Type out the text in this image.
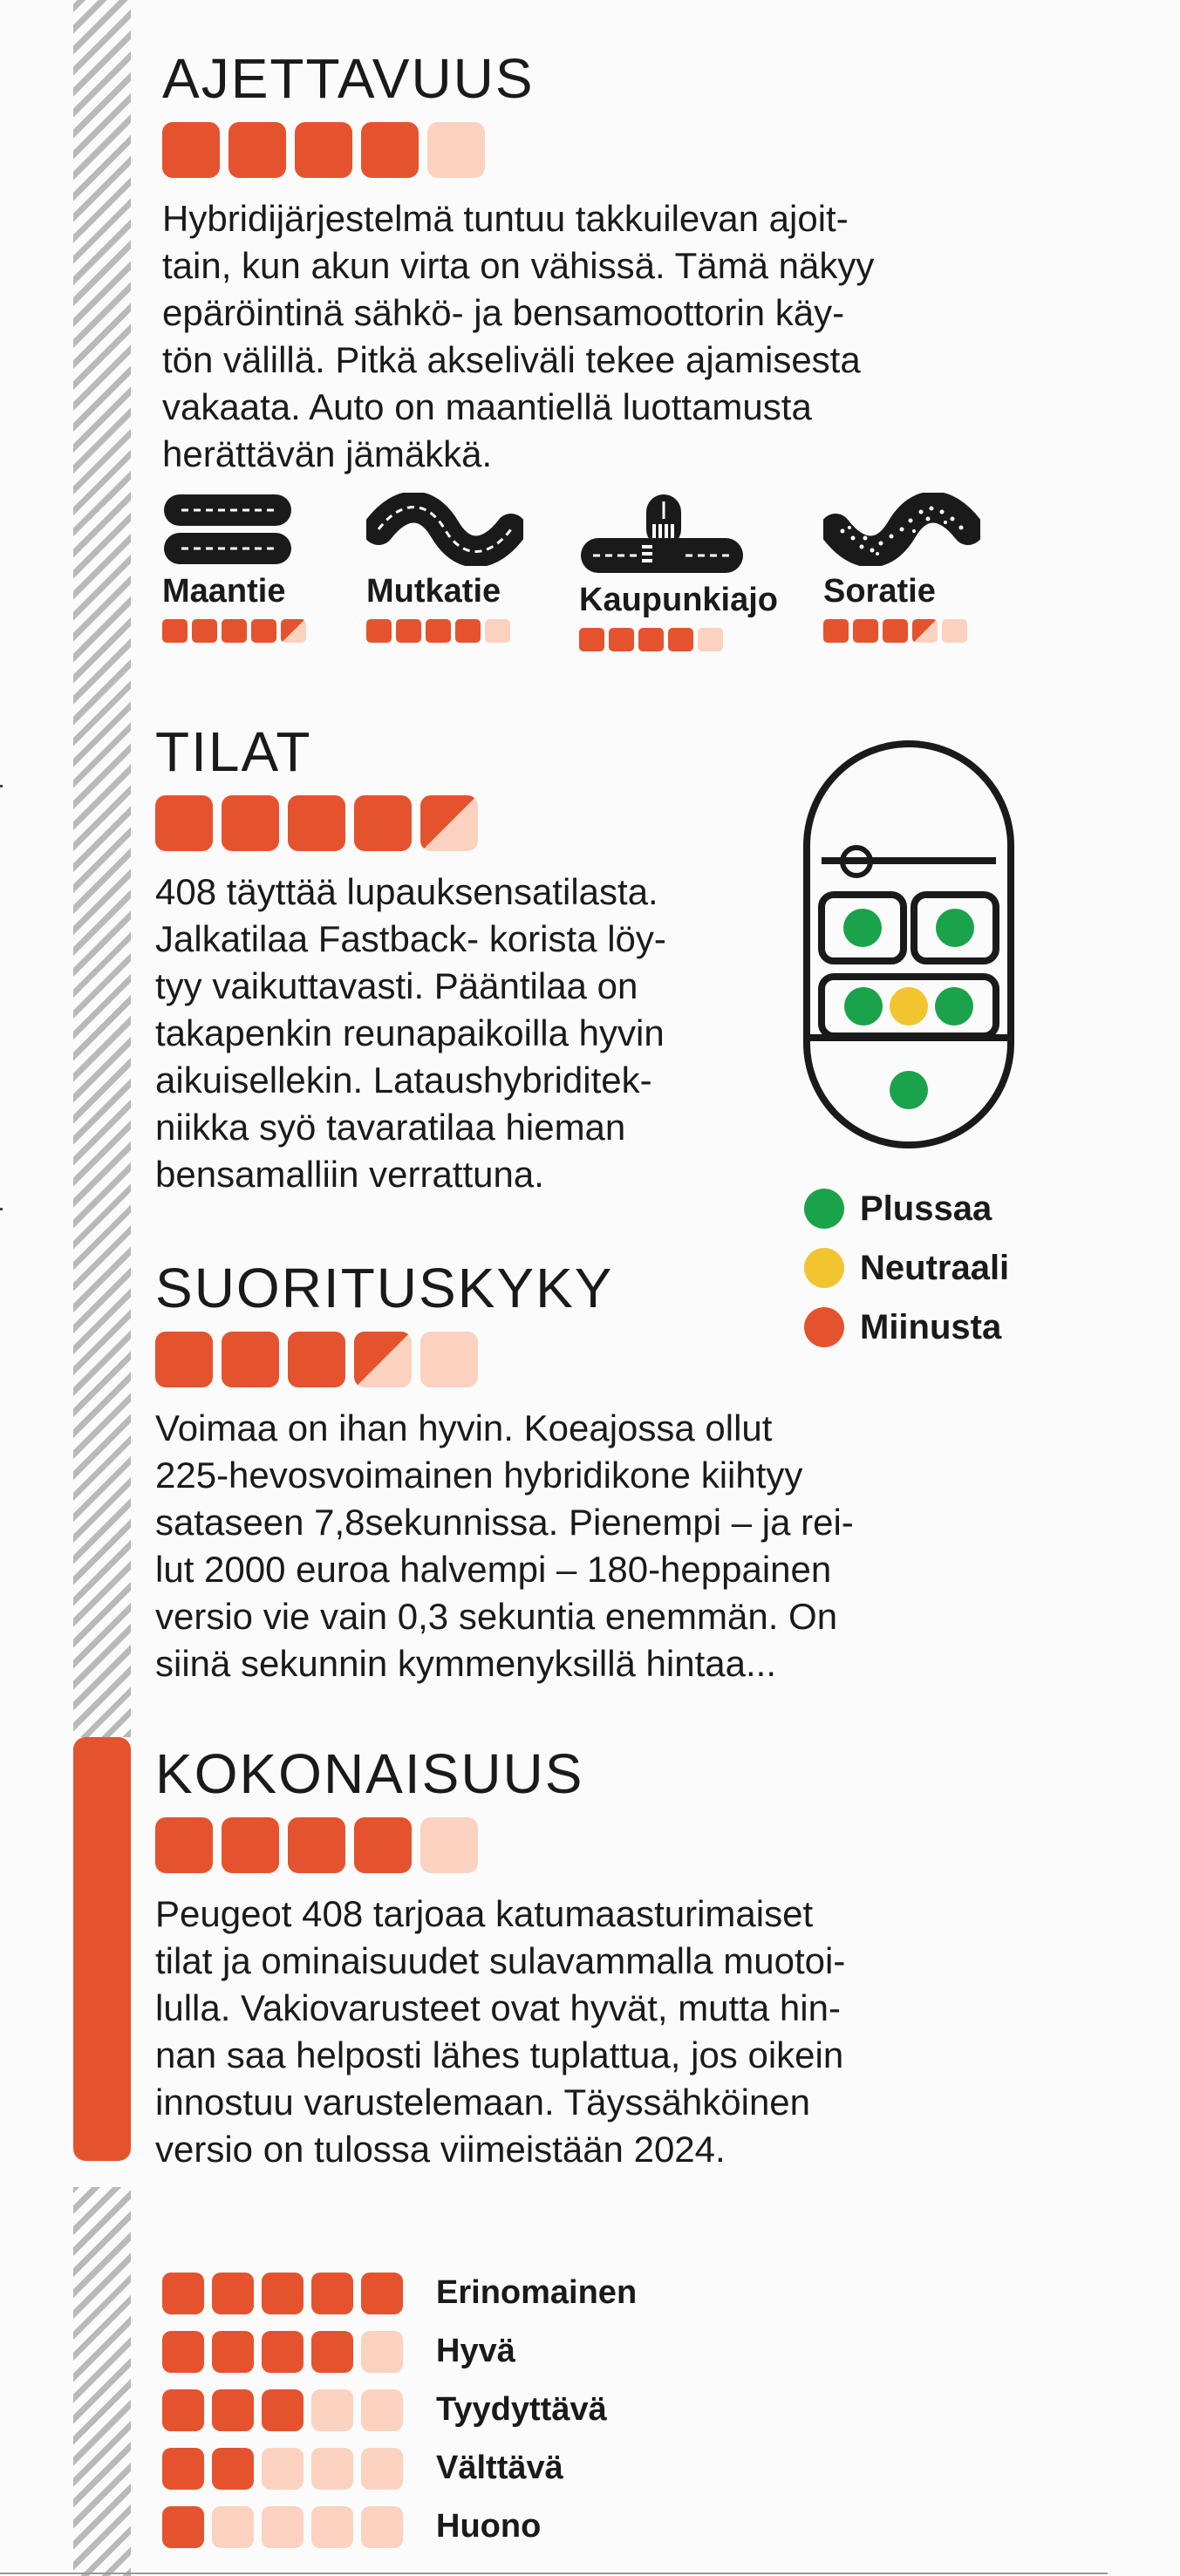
AJETTAVUUS

Hybridijärjestelmä tuntuu takkuilevan ajoit-
tain, kun akun virta on vähissä. Tämä näkyy
epäröintinä sähkö- ja bensamoottorin käy-
tön välillä. Pitkä akseliväli tekee ajamisesta
vakaata. Auto on maantiellä luottamusta
herättävän jämäkkä.

Maantie	Mutkatie	Kaupunkiajo Soratie
TILAT

408 täyttää lupauksensatilasta.
Jalkatilaa Fastback- korista löy-
tyy vaikuttavasti. Pääntilaa on
takapenkin reunapaikoilla hyvin
aikuisellekin. Lataushybriditek-
niikka syö tavaratilaa hieman
bensamalliin verrattuna.

Plussaa
Neutraali
Miinusta
SUORITUSKYKY

Voimaa on ihan hyvin. Koeajossa ollut
225-hevosvoimainen hybridikone kiihtyy
sataseen 7,8sekunnissa. Pienempi – ja rei-
lut 2000 euroa halvempi – 180-heppainen
versio vie vain 0,3 sekuntia enemmän. On
siinä sekunnin kymmenyksillä hintaa...

KOKONAISUUS

Peugeot 408 tarjoaa katumaasturimaiset
tilat ja ominaisuudet sulavammalla muotoi-
lulla. Vakiovarusteet ovat hyvät, mutta hin-
nan saa helposti lähes tuplattua, jos oikein
innostuu varustelemaan. Täyssähköinen
versio on tulossa viimeistään 2024.

Erinomainen
Hyvä
Tyydyttävä
Välttävä
Huono
